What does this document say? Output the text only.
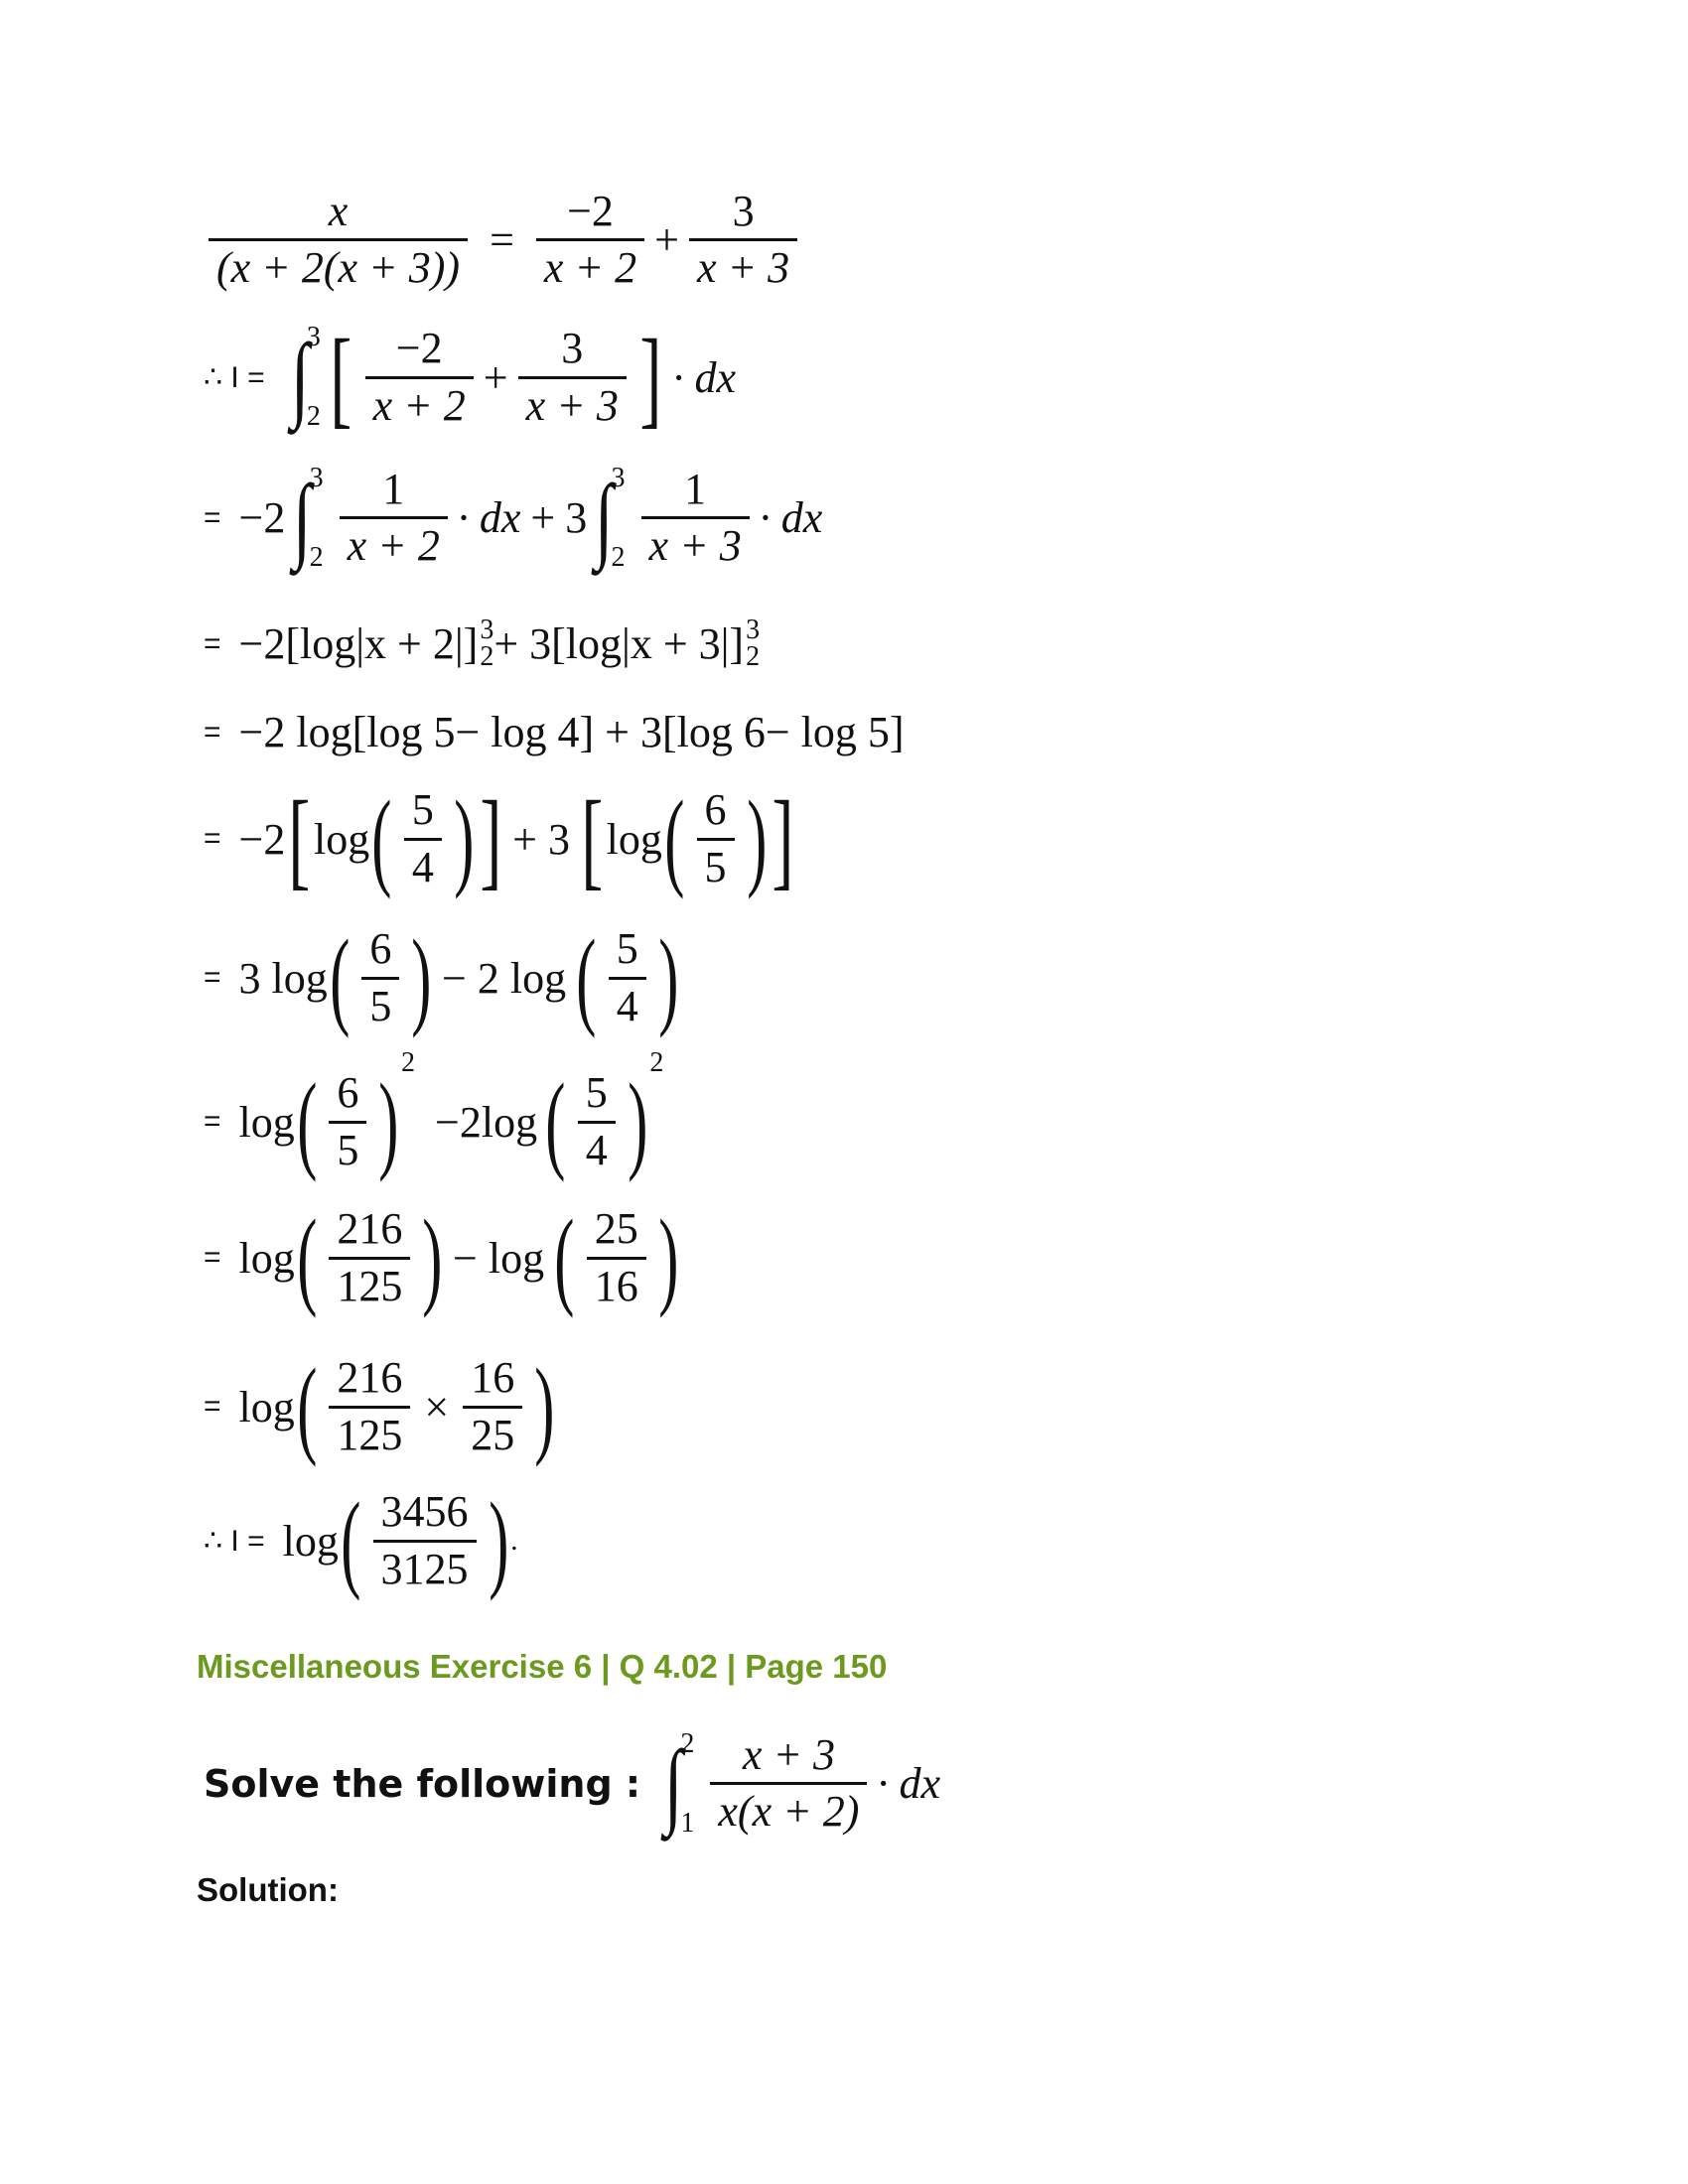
$\frac{x}{(x + 2(x + 3))} = \frac{-2}{x + 2} + \frac{3}{x + 3}$
∴ I = ∫
3
2 [ $\frac{-2}{x + 2} + \frac{3}{x + 3}$ ] · dx
= −2 ∫
3
$2 \frac{1}{x + 2}$ · dx + 3 ∫
3
$2 \frac{1}{x + 3}$ · dx
= −2[log|x + 2|] 3
2 + 3[log|x + 3|] 3
2
= −2 log[log 5− log 4] + 3[log 6− log 5]
= −2 [ log ( $\frac{5}{4}$ ) ] + 3 [ log ( $\frac{6}{5}$ ) ]
= 3 log ( $\frac{6}{5}$ ) − 2 log ( $\frac{5}{4}$ )
= log ( $\frac{6}{5}$ ) 2
−2log ( $\frac{5}{4}$ ) 2
= log ( $\frac{216}{125}$ ) − log ( $\frac{25}{16}$ )
= log ( $\frac{216}{125} \times \frac{16}{25}$ )
∴ I = log ( $\frac{3456}{3125}$ ) .
Miscellaneous Exercise 6 | Q 4.02 | Page 150
Solve the following : ∫
2
$1 \frac{x + 3}{x(x + 2)}$ · dx
Solution:
